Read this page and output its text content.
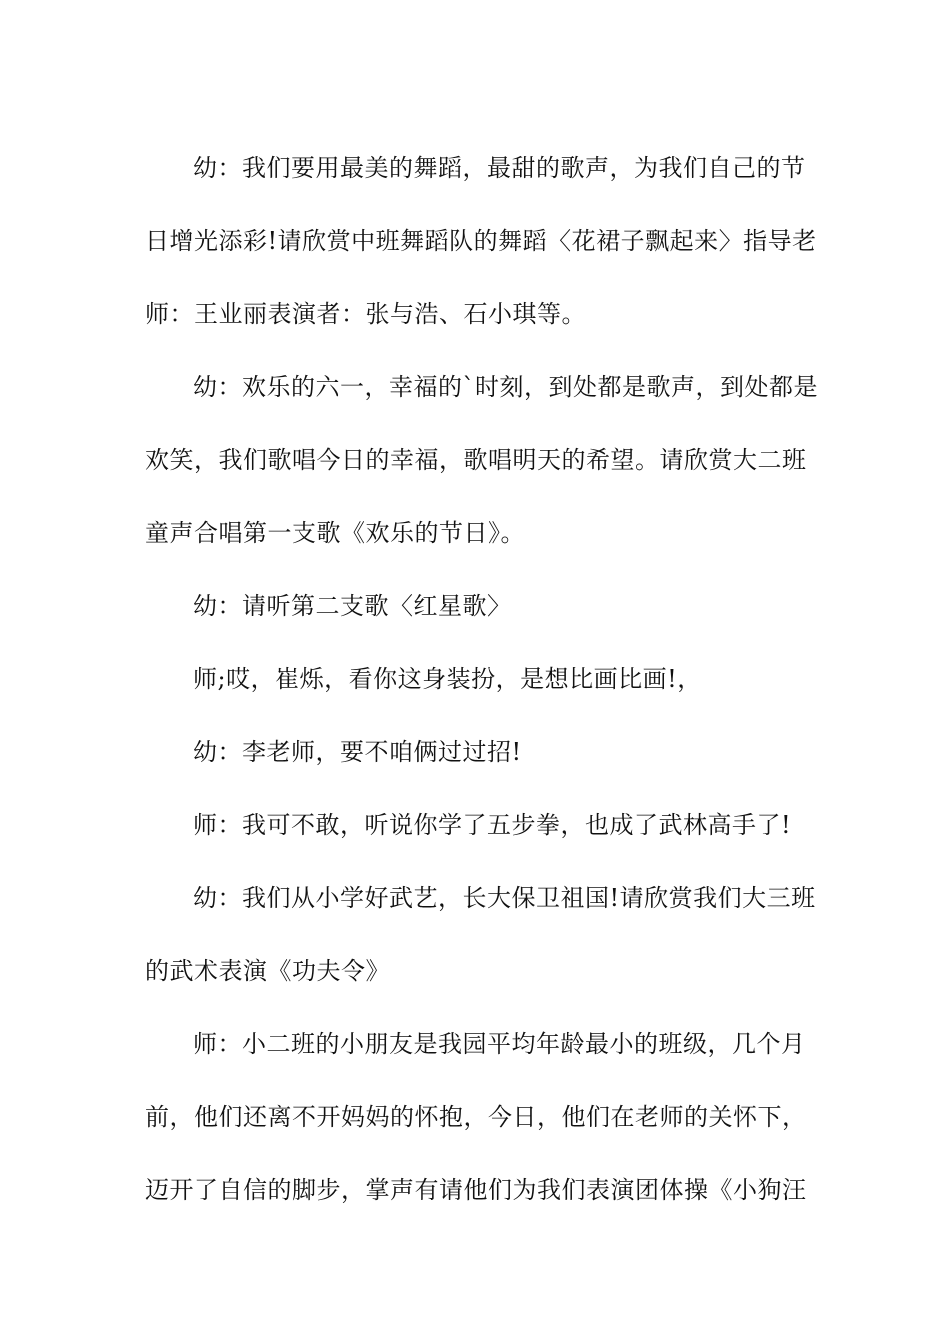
幼：我们要用最美的舞蹈，最甜的歌声，为我们自己的节
日增光添彩!请欣赏中班舞蹈队的舞蹈〈花裙子飘起来〉指导老
师：王业丽表演者：张与浩、石小琪等。

幼：欢乐的六一，幸福的`时刻，到处都是歌声，到处都是
欢笑，我们歌唱今日的幸福，歌唱明天的希望。请欣赏大二班
童声合唱第一支歌《欢乐的节日》。

幼：请听第二支歌〈红星歌〉

师;哎，崔烁，看你这身装扮，是想比画比画!，

幼：李老师，要不咱俩过过招!

师：我可不敢，听说你学了五步拳，也成了武林高手了!

幼：我们从小学好武艺，长大保卫祖国!请欣赏我们大三班
的武术表演《功夫令》

师：小二班的小朋友是我园平均年龄最小的班级，几个月
前，他们还离不开妈妈的怀抱，今日，他们在老师的关怀下，
迈开了自信的脚步，掌声有请他们为我们表演团体操《小狗汪
